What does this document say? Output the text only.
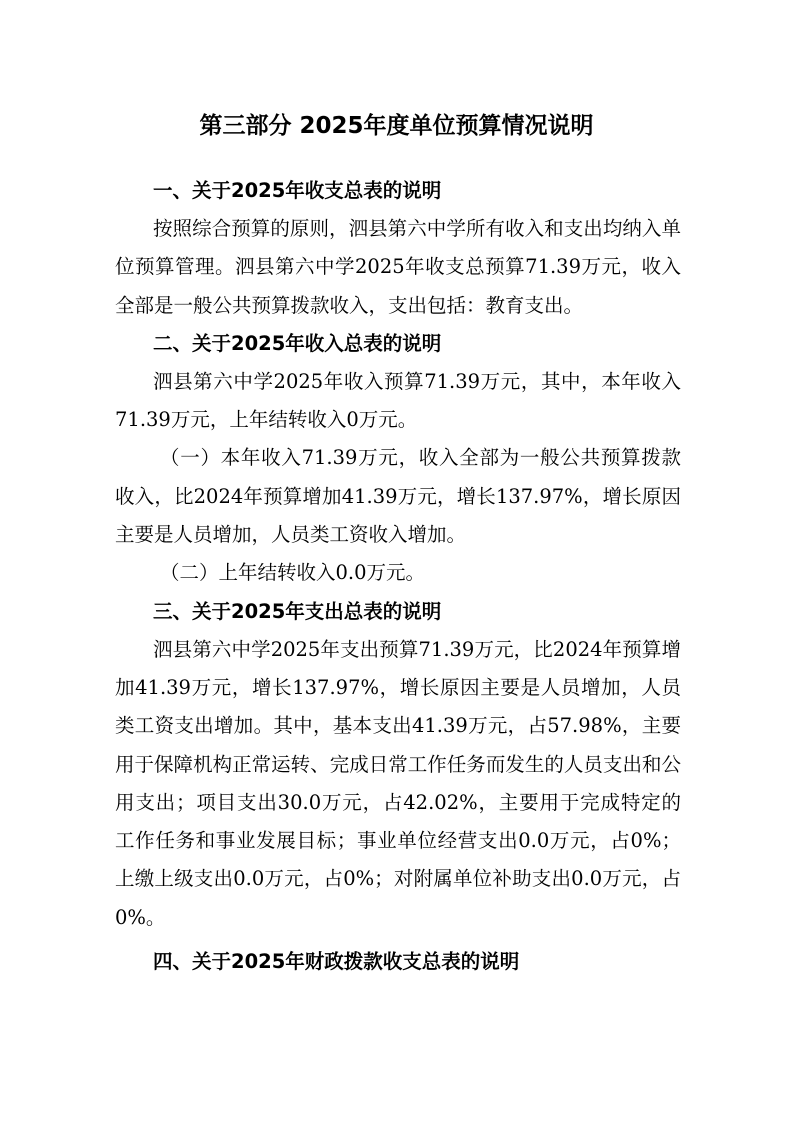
第三部分 2025年度单位预算情况说明
一、关于2025年收支总表的说明

按照综合预算的原则，泗县第六中学所有收入和支出均纳入单位预算管理。泗县第六中学2025年收支总预算71.39万元，收入全部是一般公共预算拨款收入，支出包括：教育支出。

二、关于2025年收入总表的说明

泗县第六中学2025年收入预算71.39万元，其中，本年收入71.39万元，上年结转收入0万元。

（一）本年收入71.39万元，收入全部为一般公共预算拨款收入，比2024年预算增加41.39万元，增长137.97%，增长原因主要是人员增加，人员类工资收入增加。

（二）上年结转收入0.0万元。

三、关于2025年支出总表的说明

泗县第六中学2025年支出预算71.39万元，比2024年预算增加41.39万元，增长137.97%，增长原因主要是人员增加，人员类工资支出增加。其中，基本支出41.39万元，占57.98%，主要用于保障机构正常运转、完成日常工作任务而发生的人员支出和公用支出；项目支出30.0万元，占42.02%，主要用于完成特定的工作任务和事业发展目标；事业单位经营支出0.0万元，占0%；上缴上级支出0.0万元，占0%；对附属单位补助支出0.0万元，占0%。

四、关于2025年财政拨款收支总表的说明
